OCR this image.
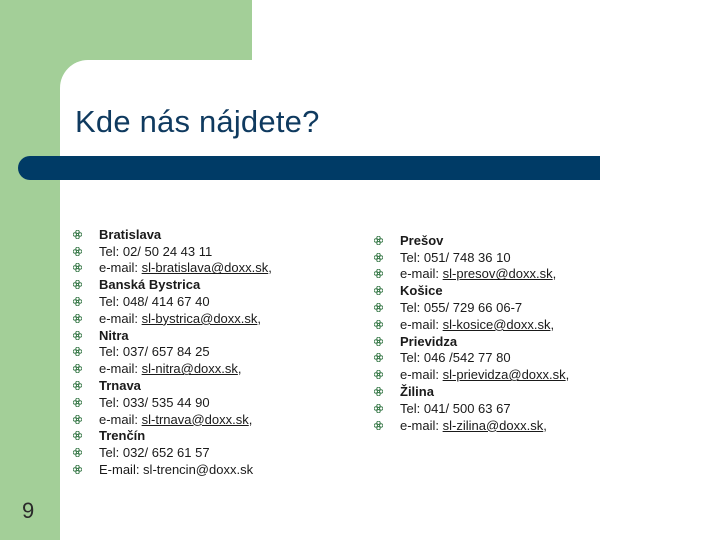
Kde nás nájdete?
Bratislava
Tel: 02/ 50 24 43 11
e-mail: sl-bratislava@doxx.sk,
Banská Bystrica
Tel: 048/ 414 67 40
e-mail: sl-bystrica@doxx.sk,
Nitra
Tel: 037/ 657 84 25
e-mail: sl-nitra@doxx.sk,
Trnava
Tel: 033/ 535 44 90
e-mail: sl-trnava@doxx.sk,
Trenčín
Tel: 032/ 652 61 57
E-mail: sl-trencin@doxx.sk
Prešov
Tel: 051/ 748 36 10
e-mail: sl-presov@doxx.sk,
Košice
Tel: 055/ 729 66 06-7
e-mail: sl-kosice@doxx.sk,
Prievidza
Tel: 046 /542 77 80
e-mail: sl-prievidza@doxx.sk,
Žilina
Tel: 041/ 500 63 67
e-mail: sl-zilina@doxx.sk,
9
